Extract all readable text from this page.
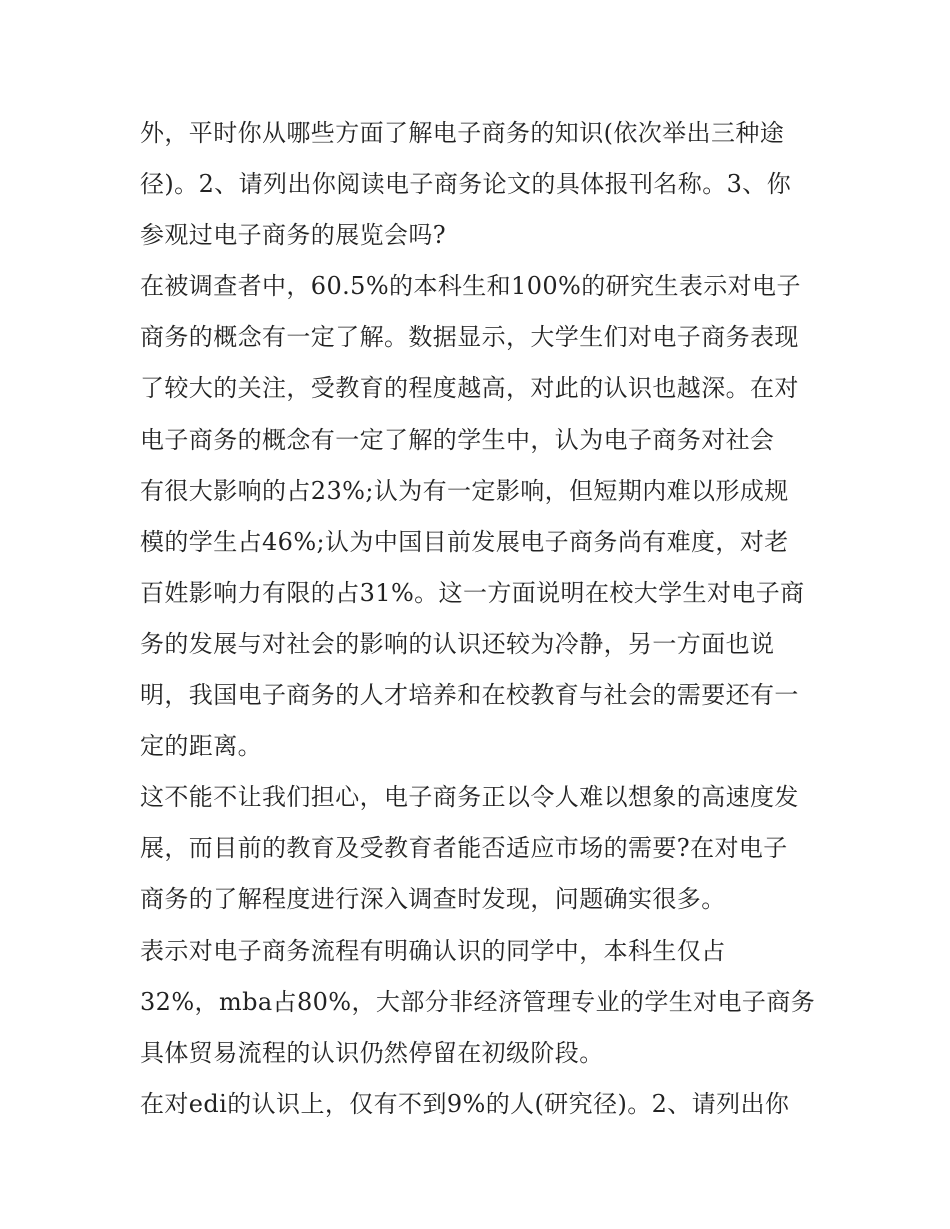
外，平时你从哪些方面了解电子商务的知识(依次举出三种途
径)。2、请列出你阅读电子商务论文的具体报刊名称。3、你
参观过电子商务的展览会吗?

在被调查者中，60.5%的本科生和100%的研究生表示对电子
商务的概念有一定了解。数据显示，大学生们对电子商务表现
了较大的关注，受教育的程度越高，对此的认识也越深。在对
电子商务的概念有一定了解的学生中，认为电子商务对社会
有很大影响的占23%;认为有一定影响，但短期内难以形成规
模的学生占46%;认为中国目前发展电子商务尚有难度，对老
百姓影响力有限的占31%。这一方面说明在校大学生对电子商
务的发展与对社会的影响的认识还较为冷静，另一方面也说
明，我国电子商务的人才培养和在校教育与社会的需要还有一
定的距离。

这不能不让我们担心，电子商务正以令人难以想象的高速度发
展，而目前的教育及受教育者能否适应市场的需要?在对电子
商务的了解程度进行深入调查时发现，问题确实很多。

表示对电子商务流程有明确认识的同学中，本科生仅占
32%，mba占80%，大部分非经济管理专业的学生对电子商务
具体贸易流程的认识仍然停留在初级阶段。

在对edi的认识上，仅有不到9%的人(研究径)。2、请列出你
